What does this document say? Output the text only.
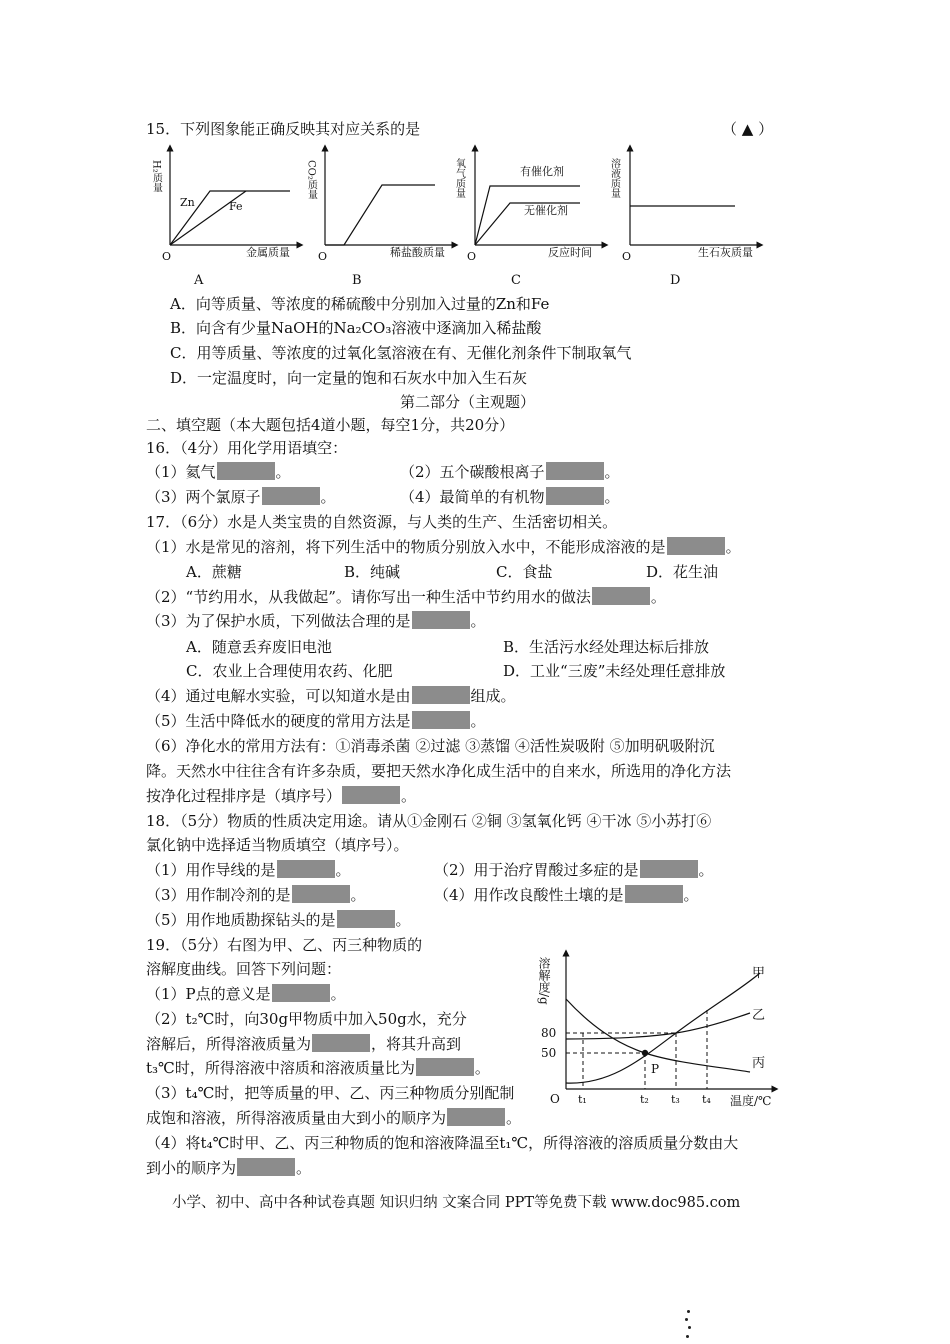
15．下列图象能正确反映其对应关系的是	（ ▲ ）
H₂质量
Zn	Fe
O	金属质量
A
CO₂质量
O	稀盐酸质量
B
氧气质量	有催化剂
无催化剂
O	反应时间
C
溶液质量
O	生石灰质量
D
A．向等质量、等浓度的稀硫酸中分别加入过量的Zn和Fe
B．向含有少量NaOH的Na₂CO₃溶液中逐滴加入稀盐酸
C．用等质量、等浓度的过氧化氢溶液在有、无催化剂条件下制取氧气
D．一定温度时，向一定量的饱和石灰水中加入生石灰
第二部分（主观题）
二、填空题（本大题包括4道小题，每空1分，共20分）
16．（4分）用化学用语填空：
（1）氦气	。	（2）五个碳酸根离子	。
（3）两个氯原子	。	（4）最简单的有机物	。
17．（6分）水是人类宝贵的自然资源，与人类的生产、生活密切相关。
（1）水是常见的溶剂，将下列生活中的物质分别放入水中，不能形成溶液的是	。
A．蔗糖	B．纯碱	C．食盐	D．花生油
（2）“节约用水，从我做起”。请你写出一种生活中节约用水的做法	。
（3）为了保护水质，下列做法合理的是	。
A．随意丢弃废旧电池	B．生活污水经处理达标后排放
C．农业上合理使用农药、化肥	D．工业“三废”未经处理任意排放
（4）通过电解水实验，可以知道水是由	组成。
（5）生活中降低水的硬度的常用方法是	。
（6）净化水的常用方法有：①消毒杀菌 ②过滤 ③蒸馏 ④活性炭吸附 ⑤加明矾吸附沉
降。天然水中往往含有许多杂质，要把天然水净化成生活中的自来水，所选用的净化方法
按净化过程排序是（填序号）	。
18．（5分）物质的性质决定用途。请从①金刚石 ②铜 ③氢氧化钙 ④干冰 ⑤小苏打⑥
氯化钠中选择适当物质填空（填序号）。
（1）用作导线的是	。	（2）用于治疗胃酸过多症的是	。
（3）用作制冷剂的是	。	（4）用作改良酸性土壤的是	。
（5）用作地质勘探钻头的是	。
19．（5分）右图为甲、乙、丙三种物质的
溶解度曲线。回答下列问题：
（1）P点的意义是	。
（2）t₂℃时，向30g甲物质中加入50g水，充分
溶解后，所得溶液质量为	，将其升高到
t₃℃时，所得溶液中溶质和溶液质量比为	。
（3）t₄℃时，把等质量的甲、乙、丙三种物质分别配制
成饱和溶液，所得溶液质量由大到小的顺序为	。
（4）将t₄℃时甲、乙、丙三种物质的饱和溶液降温至t₁℃，所得溶液的溶质质量分数由大
到小的顺序为	。
溶解度/g
80
50
O t₁	t₂ t₃ t₄ 温度/℃
甲
乙
丙
P
小学、初中、高中各种试卷真题 知识归纳 文案合同 PPT等免费下载 www.doc985.com
